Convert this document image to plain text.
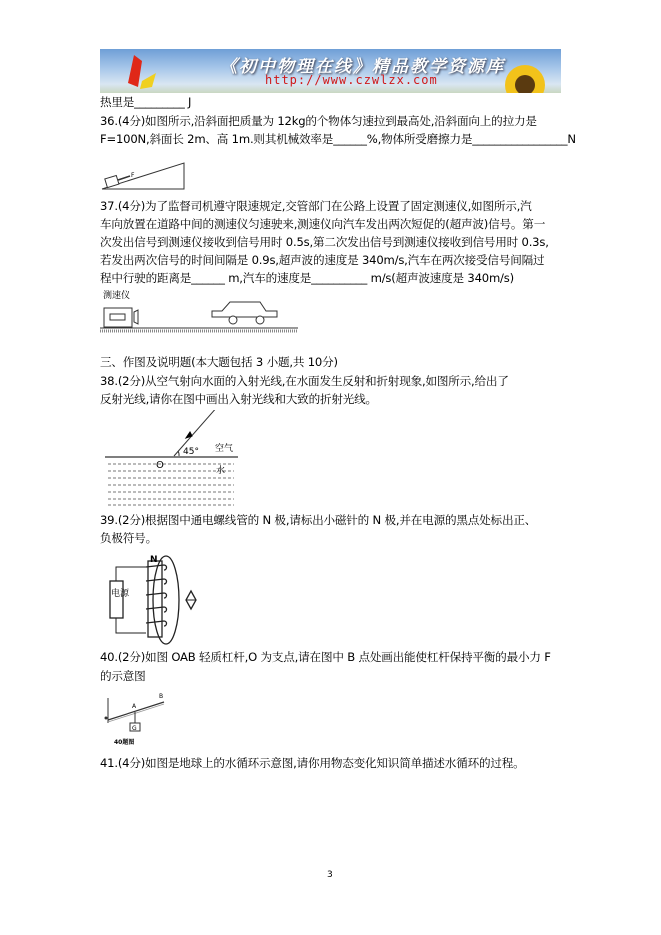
《初中物理在线》精品教学资源库
http://www.czwlzx.com
热里是_________ J
36.(4分)如图所示,沿斜面把质量为 12kg的个物体匀速拉到最高处,沿斜面向上的拉力是
F=100N,斜面长 2m、高 1m.则其机械效率是______%,物体所受磨擦力是_________________N
F
37.(4分)为了监督司机遵守限速规定,交管部门在公路上设置了固定测速仪,如图所示,汽
车向放置在道路中间的测速仪匀速驶来,测速仪向汽车发出两次短促的(超声波)信号。第一
次发出信号到测速仪接收到信号用时 0.5s,第二次发出信号到测速仪接收到信号用时 0.3s,
若发出两次信号的时间间隔是 0.9s,超声波的速度是 340m/s,汽车在两次接受信号间隔过
程中行驶的距离是______ m,汽车的速度是__________ m/s(超声波速度是 340m/s)
测速仪
三、作图及说明题(本大题包括 3 小题,共 10分)
38.(2分)从空气射向水面的入射光线,在水面发生反射和折射现象,如图所示,给出了
反射光线,请你在图中画出入射光线和大致的折射光线。
45° 空气
O	水
39.(2分)根据图中通电螺线管的 N 极,请标出小磁针的 N 极,并在电源的黑点处标出正、
负极符号。
电源
N
40.(2分)如图 OAB 轻质杠杆,O 为支点,请在图中 B 点处画出能使杠杆保持平衡的最小力 F
的示意图
A
B
G
40题图
41.(4分)如图是地球上的水循环示意图,请你用物态变化知识简单描述水循环的过程。
3
